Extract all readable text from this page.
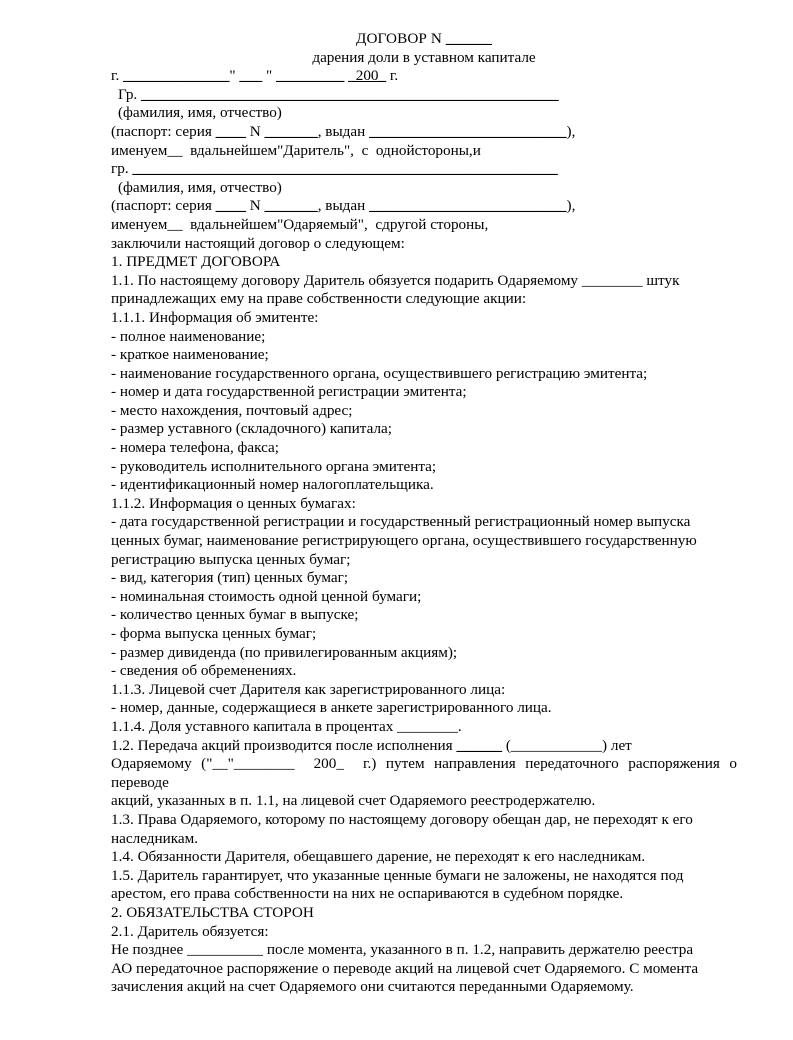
ДОГОВОР N ______
дарения доли в уставном капитале
г. ______________" ___ " _________ _200_ г.
Гр. _______________________________________________________
(фамилия, имя, отчество)
(паспорт: серия ____ N _______, выдан __________________________),
именуем__  вдальнейшем"Даритель",  с  однойстороны,и
гр. ________________________________________________________
(фамилия, имя, отчество)
(паспорт: серия ____ N _______, выдан __________________________),
именуем__  вдальнейшем"Одаряемый",  сдругой стороны,
заключили настоящий договор о следующем:
1. ПРЕДМЕТ ДОГОВОРА
1.1. По настоящему договору Даритель обязуется подарить Одаряемому ________ штук
принадлежащих ему на праве собственности следующие акции:
1.1.1. Информация об эмитенте:
- полное наименование;
- краткое наименование;
- наименование государственного органа, осуществившего регистрацию эмитента;
- номер и дата государственной регистрации эмитента;
- место нахождения, почтовый адрес;
- размер уставного (складочного) капитала;
- номера телефона, факса;
- руководитель исполнительного органа эмитента;
- идентификационный номер налогоплательщика.
1.1.2. Информация о ценных бумагах:
- дата государственной регистрации и государственный регистрационный номер выпуска
ценных бумаг, наименование регистрирующего органа, осуществившего государственную
регистрацию выпуска ценных бумаг;
- вид, категория (тип) ценных бумаг;
- номинальная стоимость одной ценной бумаги;
- количество ценных бумаг в выпуске;
- форма выпуска ценных бумаг;
- размер дивиденда (по привилегированным акциям);
- сведения об обременениях.
1.1.3. Лицевой счет Дарителя как зарегистрированного лица:
- номер, данные, содержащиеся в анкете зарегистрированного лица.
1.1.4. Доля уставного капитала в процентах ________.
1.2. Передача акций производится после исполнения ______ (____________) лет
Одаряемому ("__"________  200_  г.) путем направления передаточного распоряжения о
переводе
акций, указанных в п. 1.1, на лицевой счет Одаряемого реестродержателю.
1.3. Права Одаряемого, которому по настоящему договору обещан дар, не переходят к его
наследникам.
1.4. Обязанности Дарителя, обещавшего дарение, не переходят к его наследникам.
1.5. Даритель гарантирует, что указанные ценные бумаги не заложены, не находятся под
арестом, его права собственности на них не оспариваются в судебном порядке.
2. ОБЯЗАТЕЛЬСТВА СТОРОН
2.1. Даритель обязуется:
Не позднее __________ после момента, указанного в п. 1.2, направить держателю реестра
АО передаточное распоряжение о переводе акций на лицевой счет Одаряемого. С момента
зачисления акций на счет Одаряемого они считаются переданными Одаряемому.
